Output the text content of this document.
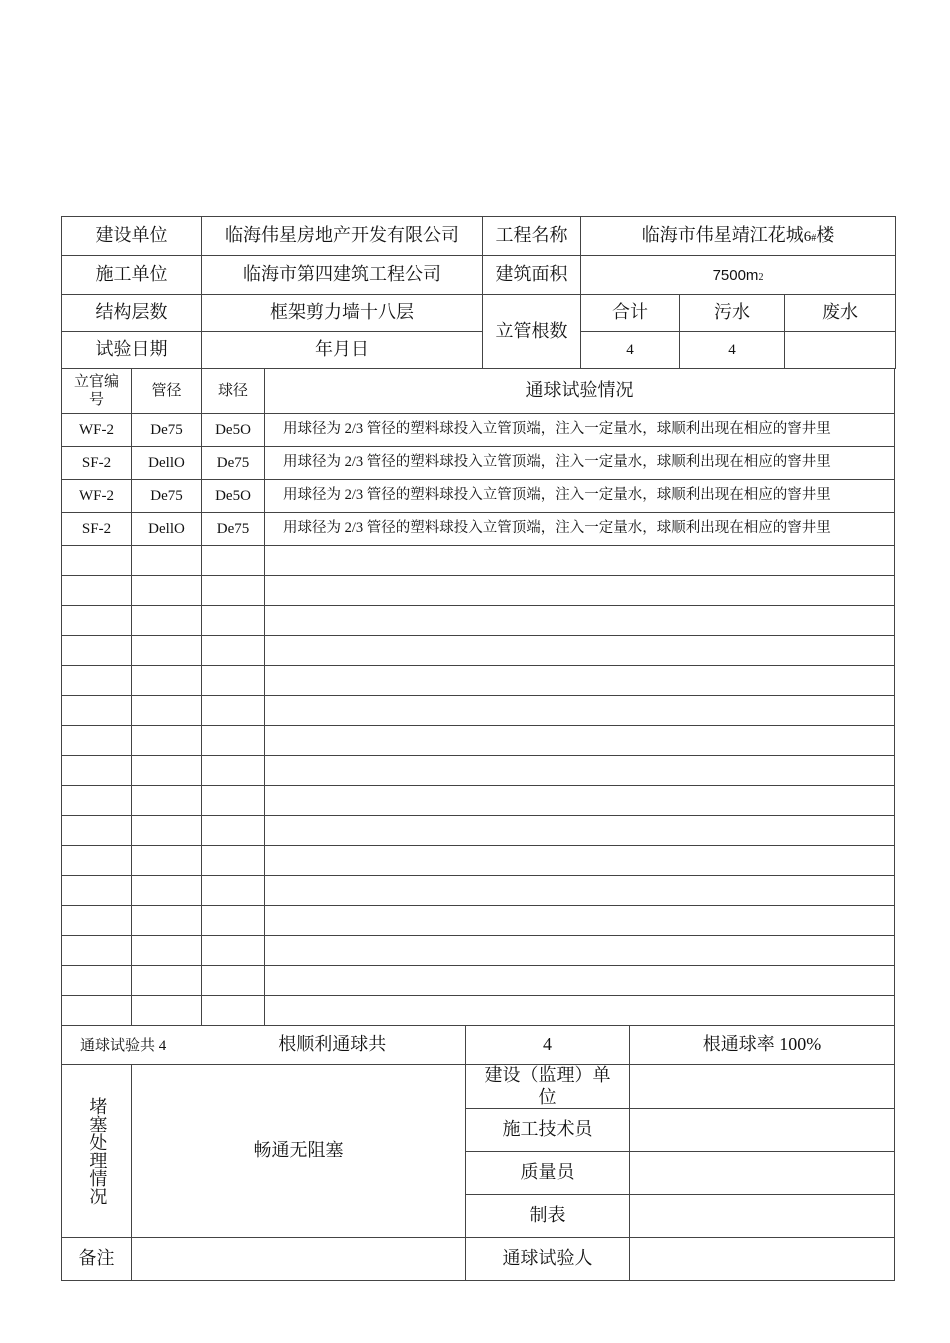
建设单位	临海伟星房地产开发有限公司	工程名称	临海市伟星靖江花城6#楼		
施工单位	临海市第四建筑工程公司	建筑面积	7500m2		
结构层数	框架剪力墙十八层	立管根数	合计	污水	废水
试验日期	年月日		4	4	
立官编号	管径	球径	通球试验情况
WF-2	De75	De5O	用球径为 2/3 管径的塑料球投入立管顶端，注入一定量水，球顺利出现在相应的窨井里
SF-2	DellO	De75	用球径为 2/3 管径的塑料球投入立管顶端，注入一定量水，球顺利出现在相应的窨井里
WF-2	De75	De5O	用球径为 2/3 管径的塑料球投入立管顶端，注入一定量水，球顺利出现在相应的窨井里
SF-2	DellO	De75	用球径为 2/3 管径的塑料球投入立管顶端，注入一定量水，球顺利出现在相应的窨井里

通球试验共 4 根顺利通球共		4	根通球率 100%

堵塞处理情况	畅通无阻塞	建设（监理）单位	
		施工技术员	
		质量员	
		制表	
备注		通球试验人	
